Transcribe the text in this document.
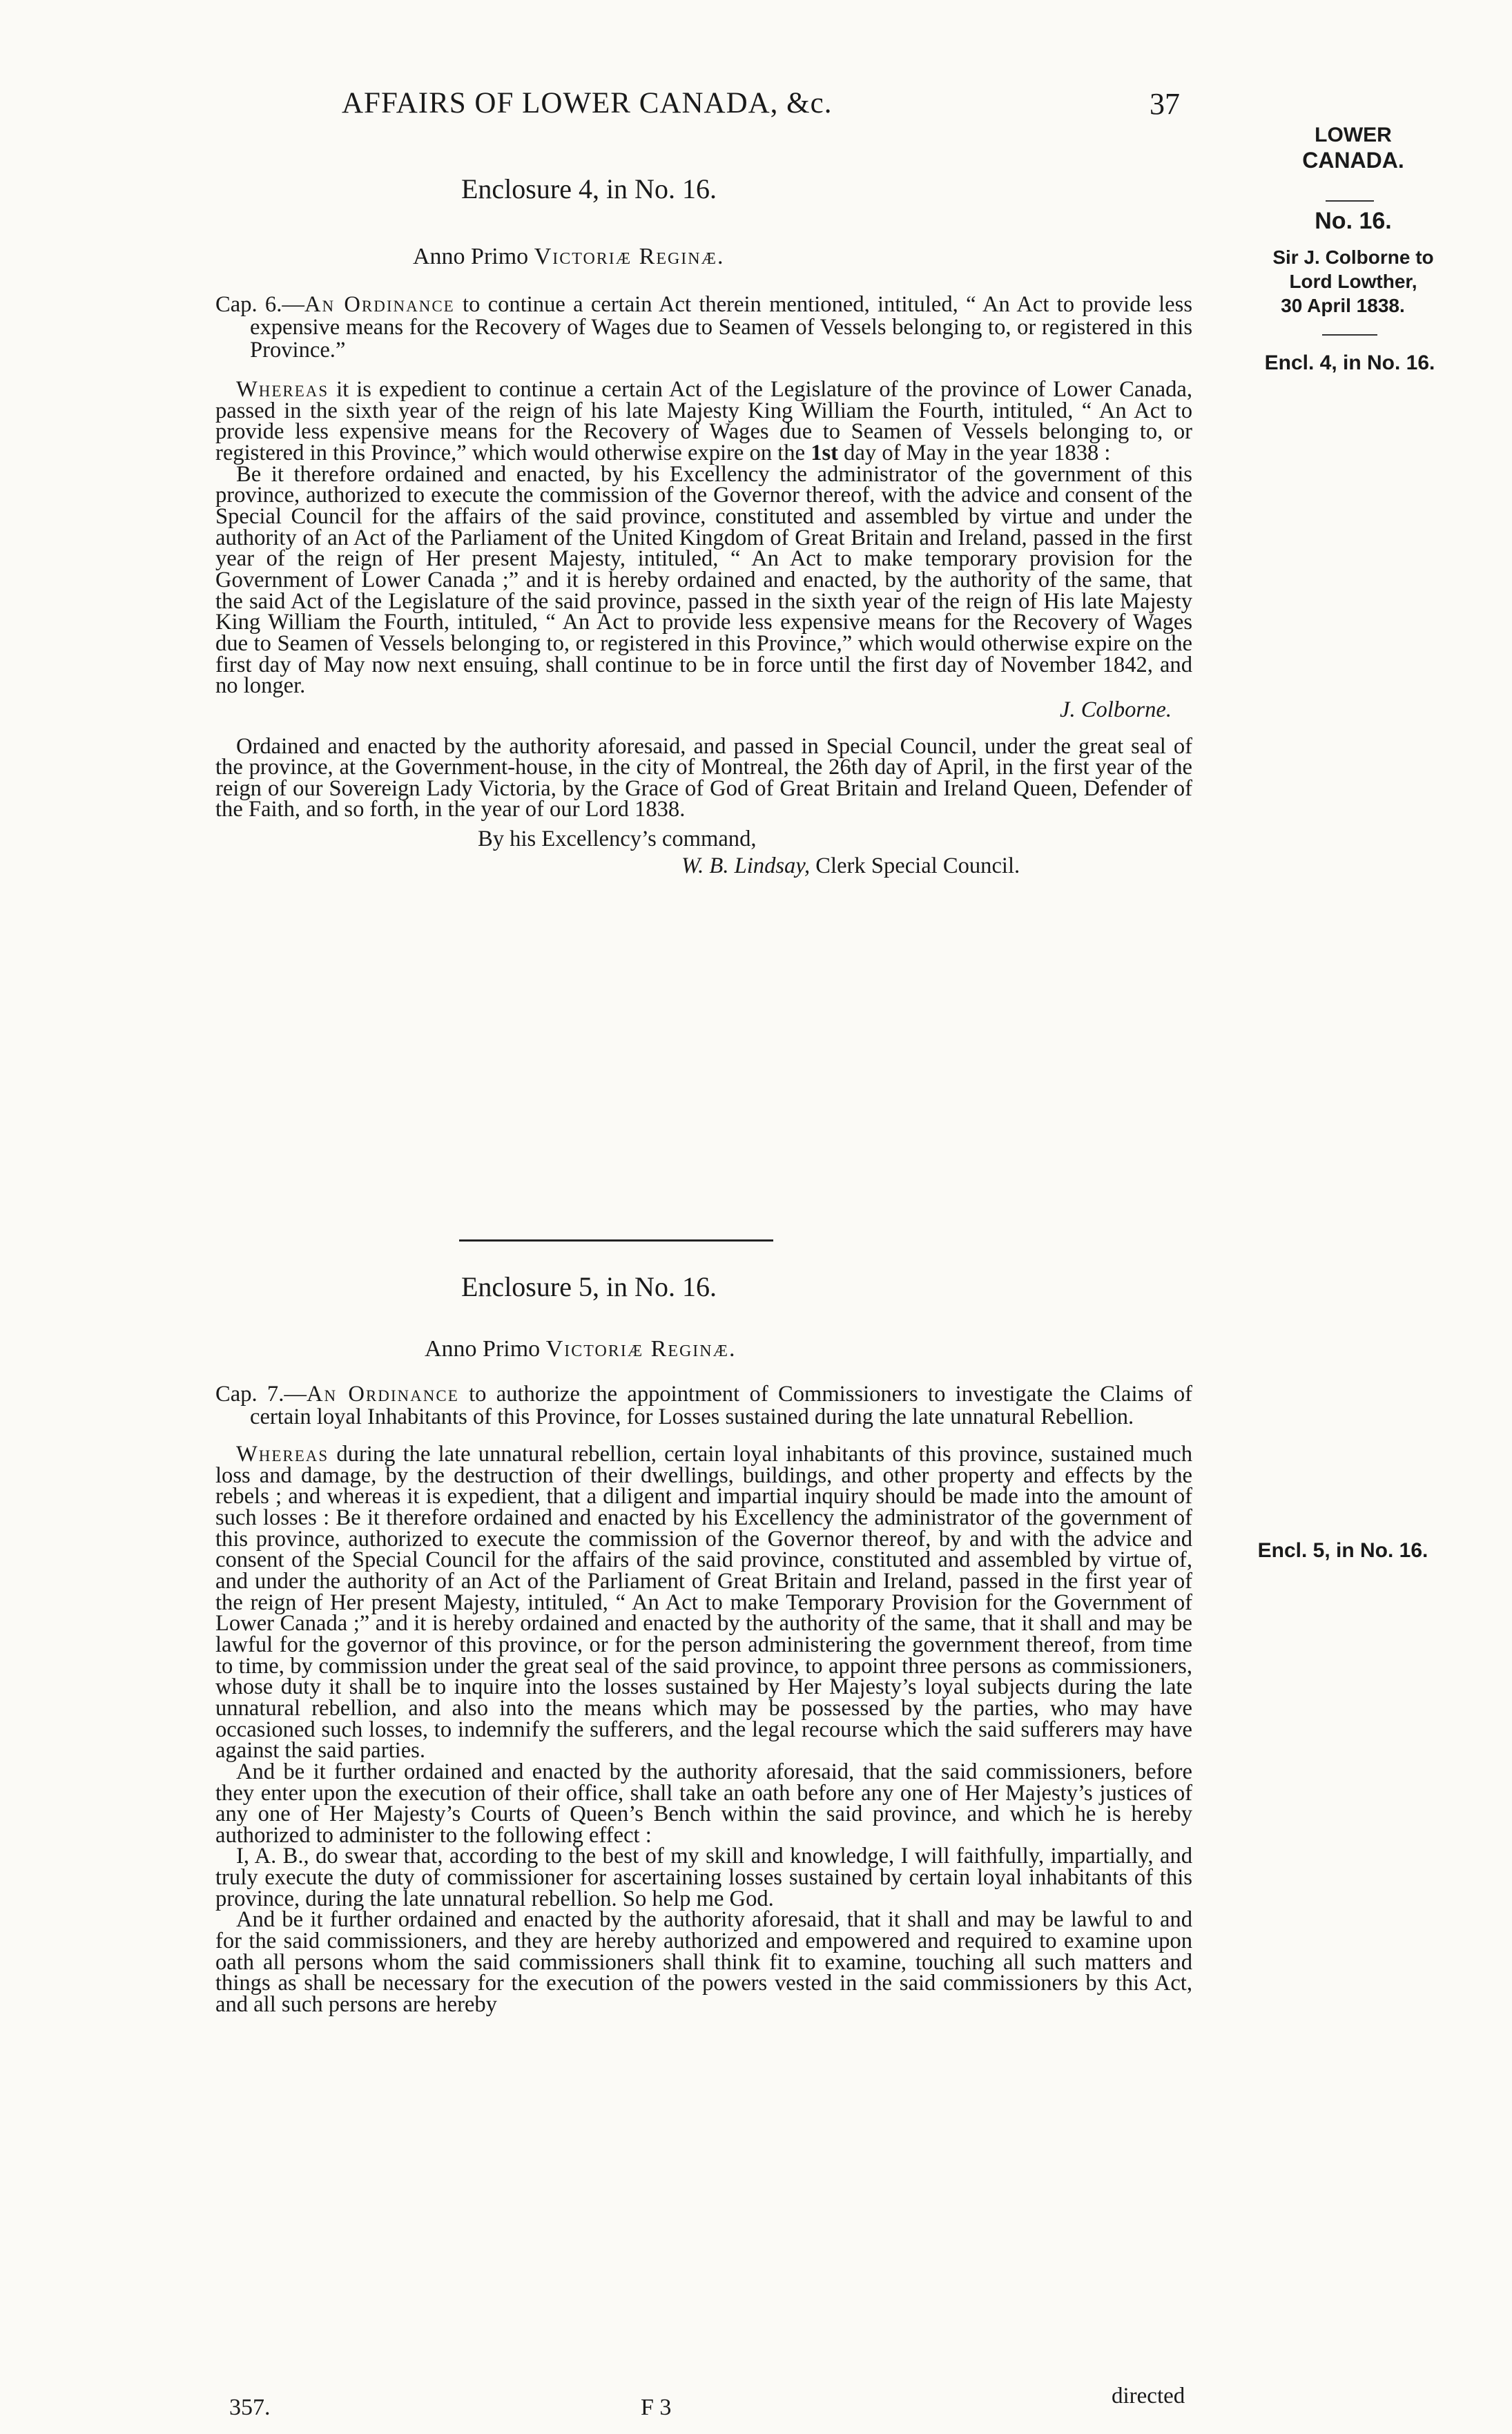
AFFAIRS OF LOWER CANADA, &c.	37
LOWER
CANADA.
No. 16.
Sir J. Colborne to
Lord Lowther,
30 April 1838.
Encl. 4, in No. 16.
Encl. 5, in No. 16.
Enclosure 4, in No. 16.
Anno Primo Victoriæ Reginæ.

Cap. 6.—An Ordinance to continue a certain Act therein mentioned, intituled, “ An Act to provide less expensive means for the Recovery of Wages due to Seamen of Vessels belonging to, or registered in this Province.”

Whereas it is expedient to continue a certain Act of the Legislature of the province of Lower Canada, passed in the sixth year of the reign of his late Majesty King William the Fourth, intituled, “ An Act to provide less expensive means for the Recovery of Wages due to Seamen of Vessels belonging to, or registered in this Province,” which would otherwise expire on the 1st day of May in the year 1838 :

Be it therefore ordained and enacted, by his Excellency the administrator of the government of this province, authorized to execute the commission of the Governor thereof, with the advice and consent of the Special Council for the affairs of the said province, constituted and assembled by virtue and under the authority of an Act of the Parliament of the United Kingdom of Great Britain and Ireland, passed in the first year of the reign of Her present Majesty, intituled, “ An Act to make temporary provision for the Government of Lower Canada ;” and it is hereby ordained and enacted, by the authority of the same, that the said Act of the Legislature of the said province, passed in the sixth year of the reign of His late Majesty King William the Fourth, intituled, “ An Act to provide less expensive means for the Recovery of Wages due to Seamen of Vessels belonging to, or registered in this Province,” which would otherwise expire on the first day of May now next ensuing, shall continue to be in force until the first day of November 1842, and no longer.

J. Colborne.

Ordained and enacted by the authority aforesaid, and passed in Special Council, under the great seal of the province, at the Government-house, in the city of Montreal, the 26th day of April, in the first year of the reign of our Sovereign Lady Victoria, by the Grace of God of Great Britain and Ireland Queen, Defender of the Faith, and so forth, in the year of our Lord 1838.

By his Excellency’s command,

W. B. Lindsay, Clerk Special Council.

Enclosure 5, in No. 16.
Anno Primo Victoriæ Reginæ.

Cap. 7.—An Ordinance to authorize the appointment of Commissioners to investigate the Claims of certain loyal Inhabitants of this Province, for Losses sustained during the late unnatural Rebellion.

Whereas during the late unnatural rebellion, certain loyal inhabitants of this province, sustained much loss and damage, by the destruction of their dwellings, buildings, and other property and effects by the rebels ; and whereas it is expedient, that a diligent and impartial inquiry should be made into the amount of such losses : Be it therefore ordained and enacted by his Excellency the administrator of the government of this province, authorized to execute the commission of the Governor thereof, by and with the advice and consent of the Special Council for the affairs of the said province, constituted and assembled by virtue of, and under the authority of an Act of the Parliament of Great Britain and Ireland, passed in the first year of the reign of Her present Majesty, intituled, “ An Act to make Temporary Provision for the Government of Lower Canada ;” and it is hereby ordained and enacted by the authority of the same, that it shall and may be lawful for the governor of this province, or for the person administering the government thereof, from time to time, by commission under the great seal of the said province, to appoint three persons as commissioners, whose duty it shall be to inquire into the losses sustained by Her Majesty’s loyal subjects during the late unnatural rebellion, and also into the means which may be possessed by the parties, who may have occasioned such losses, to indemnify the sufferers, and the legal recourse which the said sufferers may have against the said parties.

And be it further ordained and enacted by the authority aforesaid, that the said commissioners, before they enter upon the execution of their office, shall take an oath before any one of Her Majesty’s justices of any one of Her Majesty’s Courts of Queen’s Bench within the said province, and which he is hereby authorized to administer to the following effect :

I, A. B., do swear that, according to the best of my skill and knowledge, I will faithfully, impartially, and truly execute the duty of commissioner for ascertaining losses sustained by certain loyal inhabitants of this province, during the late unnatural rebellion. So help me God.

And be it further ordained and enacted by the authority aforesaid, that it shall and may be lawful to and for the said commissioners, and they are hereby authorized and empowered and required to examine upon oath all persons whom the said commissioners shall think fit to examine, touching all such matters and things as shall be necessary for the execution of the powers vested in the said commissioners by this Act, and all such persons are hereby

357.	F 3	directed
